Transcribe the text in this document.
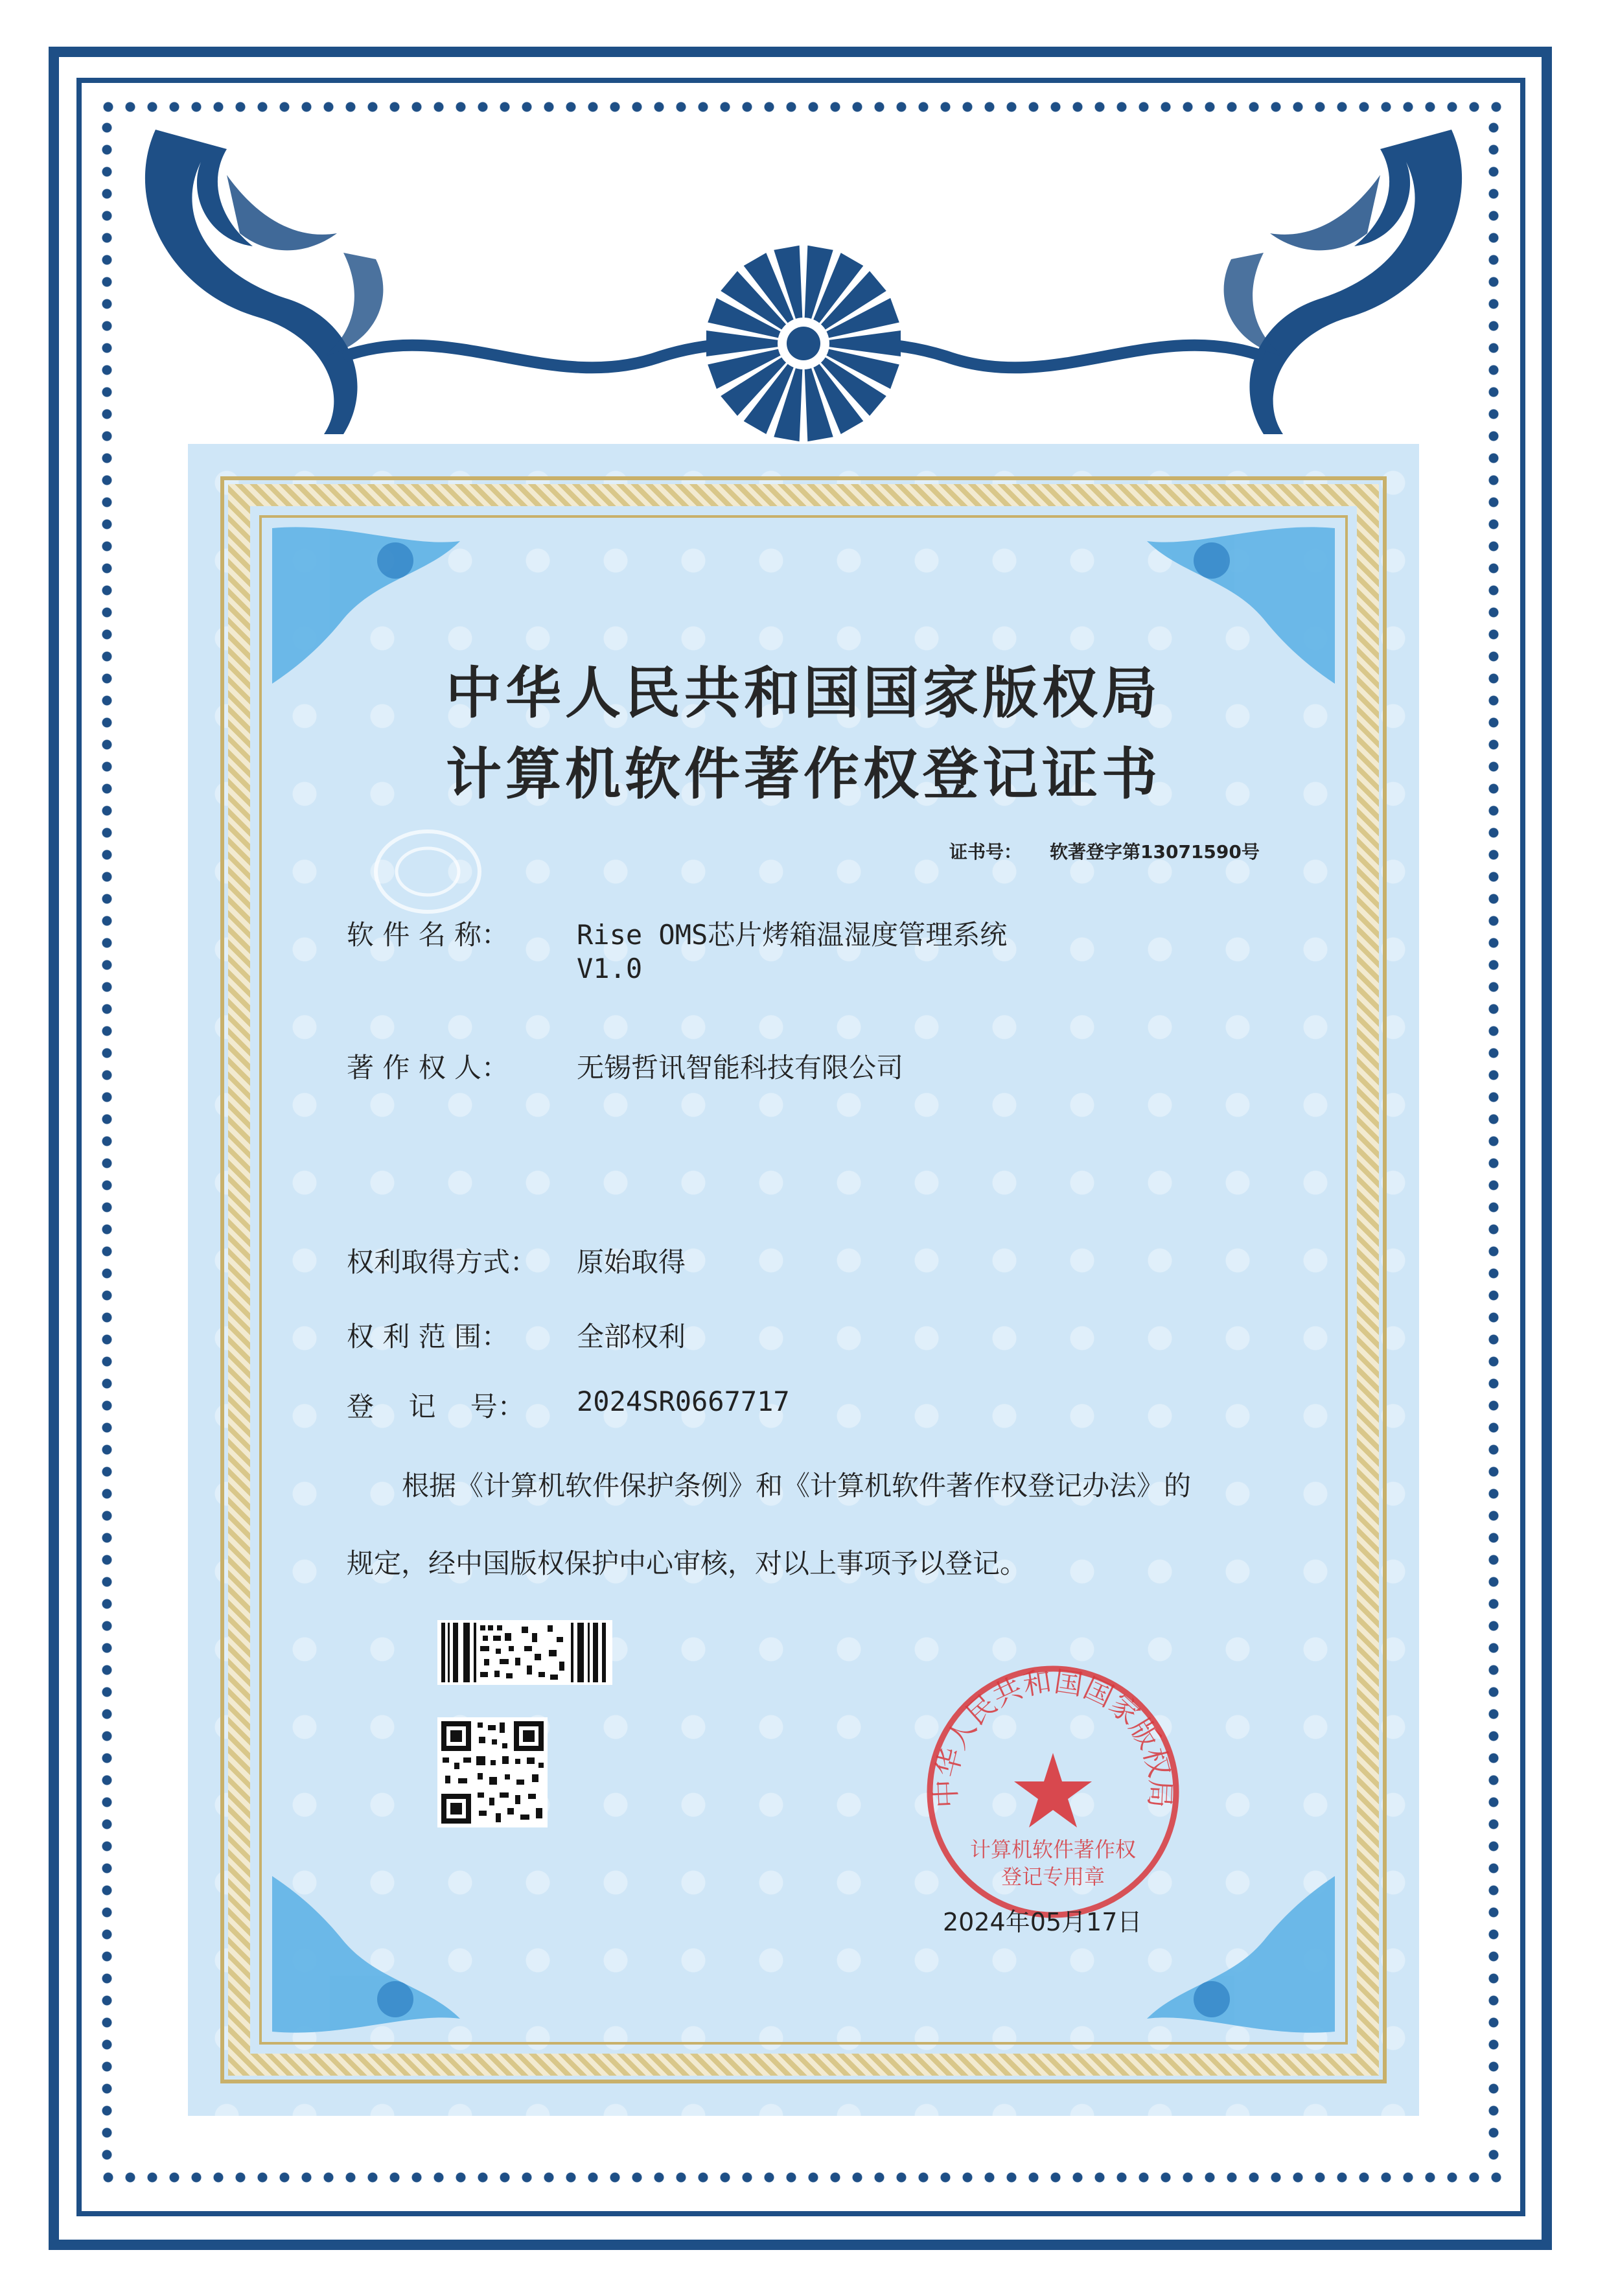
中华人民共和国国家版权局
计算机软件著作权登记证书
证书号： 软著登字第13071590号
软 件 名 称： Rise OMS芯片烤箱温湿度管理系统
V1.0
著 作 权 人： 无锡哲讯智能科技有限公司
权利取得方式： 原始取得
权 利 范 围： 全部权利
登    记    号： 2024SR0667717
根据《计算机软件保护条例》和《计算机软件著作权登记办法》的
规定，经中国版权保护中心审核，对以上事项予以登记。
中华人民共和国国家版权局
计算机软件著作权
登记专用章
2024年05月17日
